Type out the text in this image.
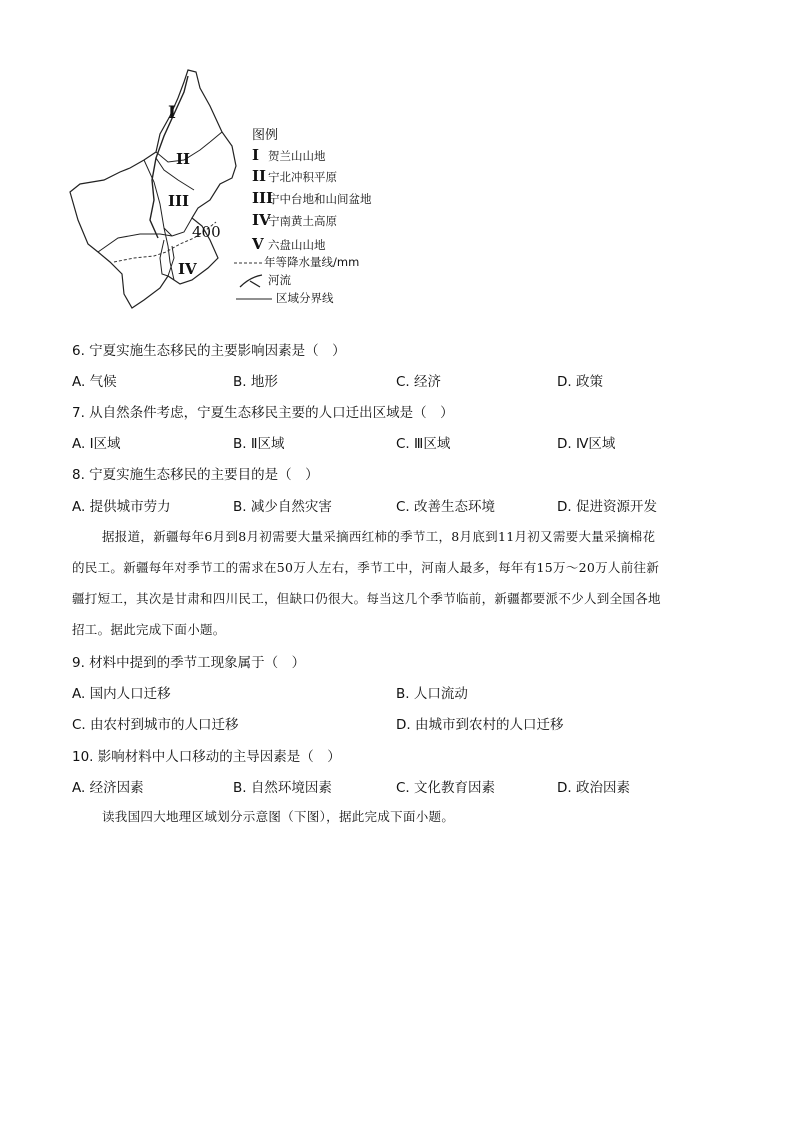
I
II
III
IV
400
图例
I 贺兰山山地
II 宁北冲积平原
III宁中台地和山间盆地
IV宁南黄土高原
V 六盘山山地
年等降水量线/mm
河流
区域分界线
6. 宁夏实施生态移民的主要影响因素是（　）
A. 气候	B. 地形	C. 经济	D. 政策
7. 从自然条件考虑，宁夏生态移民主要的人口迁出区域是（　）
A. Ⅰ区域	B. Ⅱ区域	C. Ⅲ区域	D. Ⅳ区域
8. 宁夏实施生态移民的主要目的是（　）
A. 提供城市劳力	B. 减少自然灾害	C. 改善生态环境	D. 促进资源开发
据报道，新疆每年6月到8月初需要大量采摘西红柿的季节工，8月底到11月初又需要大量采摘棉花
的民工。新疆每年对季节工的需求在50万人左右，季节工中，河南人最多，每年有15万～20万人前往新
疆打短工，其次是甘肃和四川民工，但缺口仍很大。每当这几个季节临前，新疆都要派不少人到全国各地
招工。据此完成下面小题。
9. 材料中提到的季节工现象属于（　）
A. 国内人口迁移	B. 人口流动
C. 由农村到城市的人口迁移	D. 由城市到农村的人口迁移
10. 影响材料中人口移动的主导因素是（　）
A. 经济因素	B. 自然环境因素	C. 文化教育因素	D. 政治因素
读我国四大地理区域划分示意图（下图），据此完成下面小题。
